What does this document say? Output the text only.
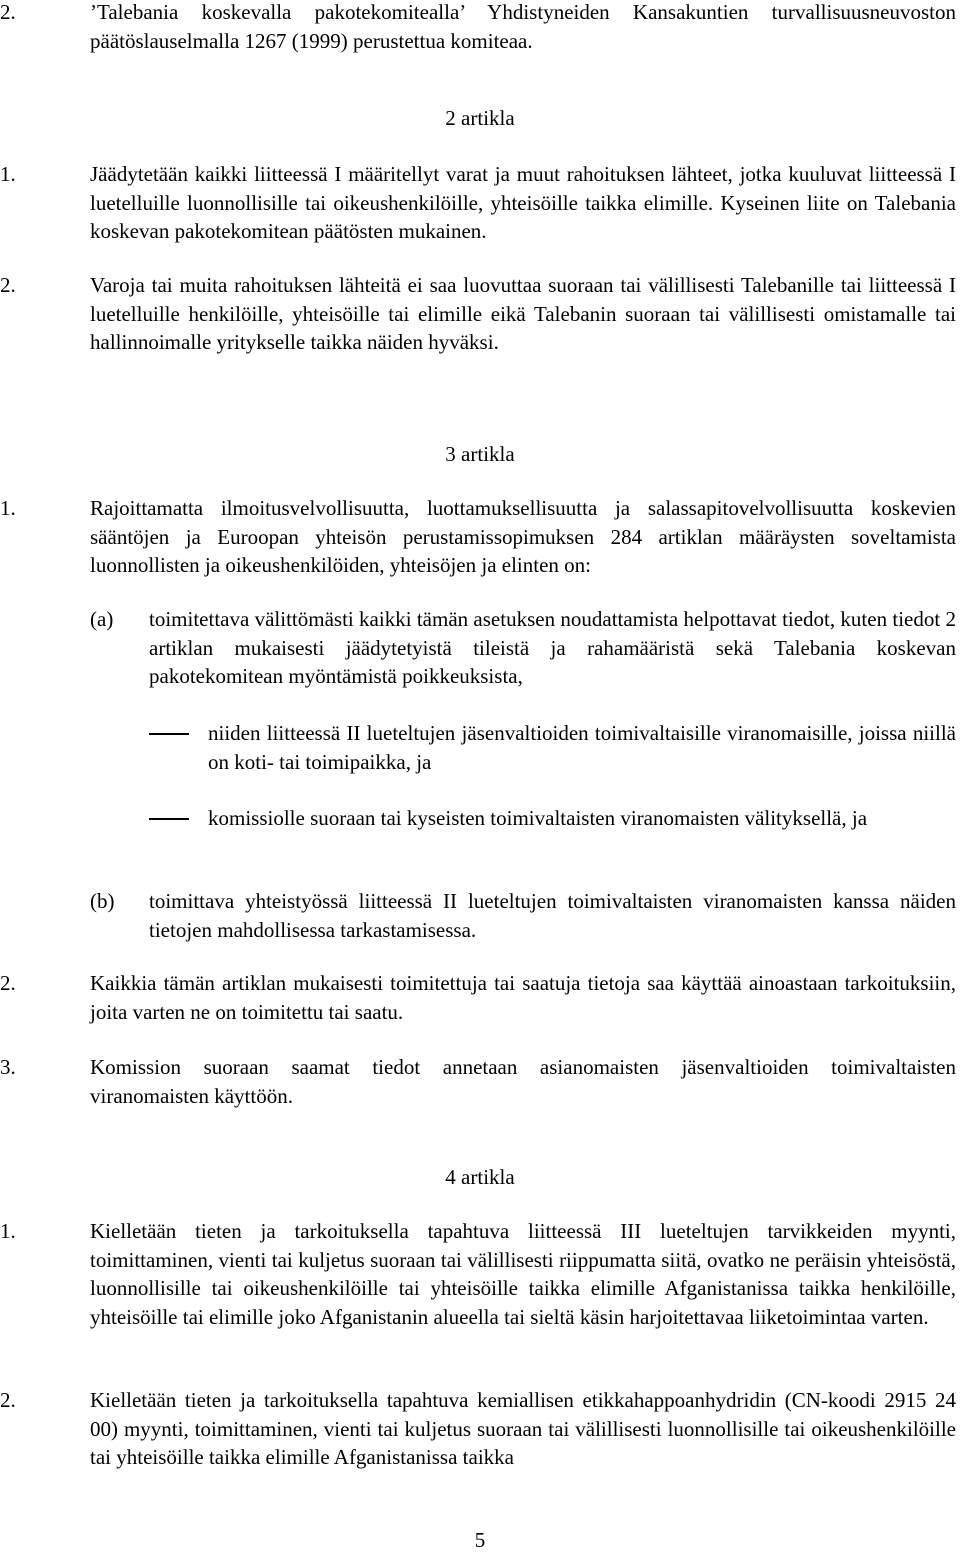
2.	’Talebania koskevalla pakotekomitealla’ Yhdistyneiden Kansakuntien turvallisuusneuvoston päätöslauselmalla 1267 (1999) perustettua komiteaa.

2 artikla
1.	Jäädytetään kaikki liitteessä I määritellyt varat ja muut rahoituksen lähteet, jotka kuuluvat liitteessä I luetelluille luonnollisille tai oikeushenkilöille, yhteisöille taikka elimille. Kyseinen liite on Talebania koskevan pakotekomitean päätösten mukainen.

2.	Varoja tai muita rahoituksen lähteitä ei saa luovuttaa suoraan tai välillisesti Talebanille tai liitteessä I luetelluille henkilöille, yhteisöille tai elimille eikä Talebanin suoraan tai välillisesti omistamalle tai hallinnoimalle yritykselle taikka näiden hyväksi.

3 artikla
1.	Rajoittamatta ilmoitusvelvollisuutta, luottamuksellisuutta ja salassapitovelvollisuutta koskevien sääntöjen ja Euroopan yhteisön perustamissopimuksen 284 artiklan määräysten soveltamista luonnollisten ja oikeushenkilöiden, yhteisöjen ja elinten on:

(a) toimitettava välittömästi kaikki tämän asetuksen noudattamista helpottavat tiedot, kuten tiedot 2 artiklan mukaisesti jäädytetyistä tileistä ja rahamääristä sekä Talebania koskevan pakotekomitean myöntämistä poikkeuksista,

niiden liitteessä II lueteltujen jäsenvaltioiden toimivaltaisille viranomaisille, joissa niillä on koti- tai toimipaikka, ja

komissiolle suoraan tai kyseisten toimivaltaisten viranomaisten välityksellä, ja

(b) toimittava yhteistyössä liitteessä II lueteltujen toimivaltaisten viranomaisten kanssa näiden tietojen mahdollisessa tarkastamisessa.

2.	Kaikkia tämän artiklan mukaisesti toimitettuja tai saatuja tietoja saa käyttää ainoastaan tarkoituksiin, joita varten ne on toimitettu tai saatu.

3.	Komission suoraan saamat tiedot annetaan asianomaisten jäsenvaltioiden toimivaltaisten viranomaisten käyttöön.

4 artikla
1.	Kielletään tieten ja tarkoituksella tapahtuva liitteessä III lueteltujen tarvikkeiden myynti, toimittaminen, vienti tai kuljetus suoraan tai välillisesti riippumatta siitä, ovatko ne peräisin yhteisöstä, luonnollisille tai oikeushenkilöille tai yhteisöille taikka elimille Afganistanissa taikka henkilöille, yhteisöille tai elimille joko Afganistanin alueella tai sieltä käsin harjoitettavaa liiketoimintaa varten.

2.	Kielletään tieten ja tarkoituksella tapahtuva kemiallisen etikkahappoanhydridin (CN-koodi 2915 24 00) myynti, toimittaminen, vienti tai kuljetus suoraan tai välillisesti luonnollisille tai oikeushenkilöille tai yhteisöille taikka elimille Afganistanissa taikka

5
